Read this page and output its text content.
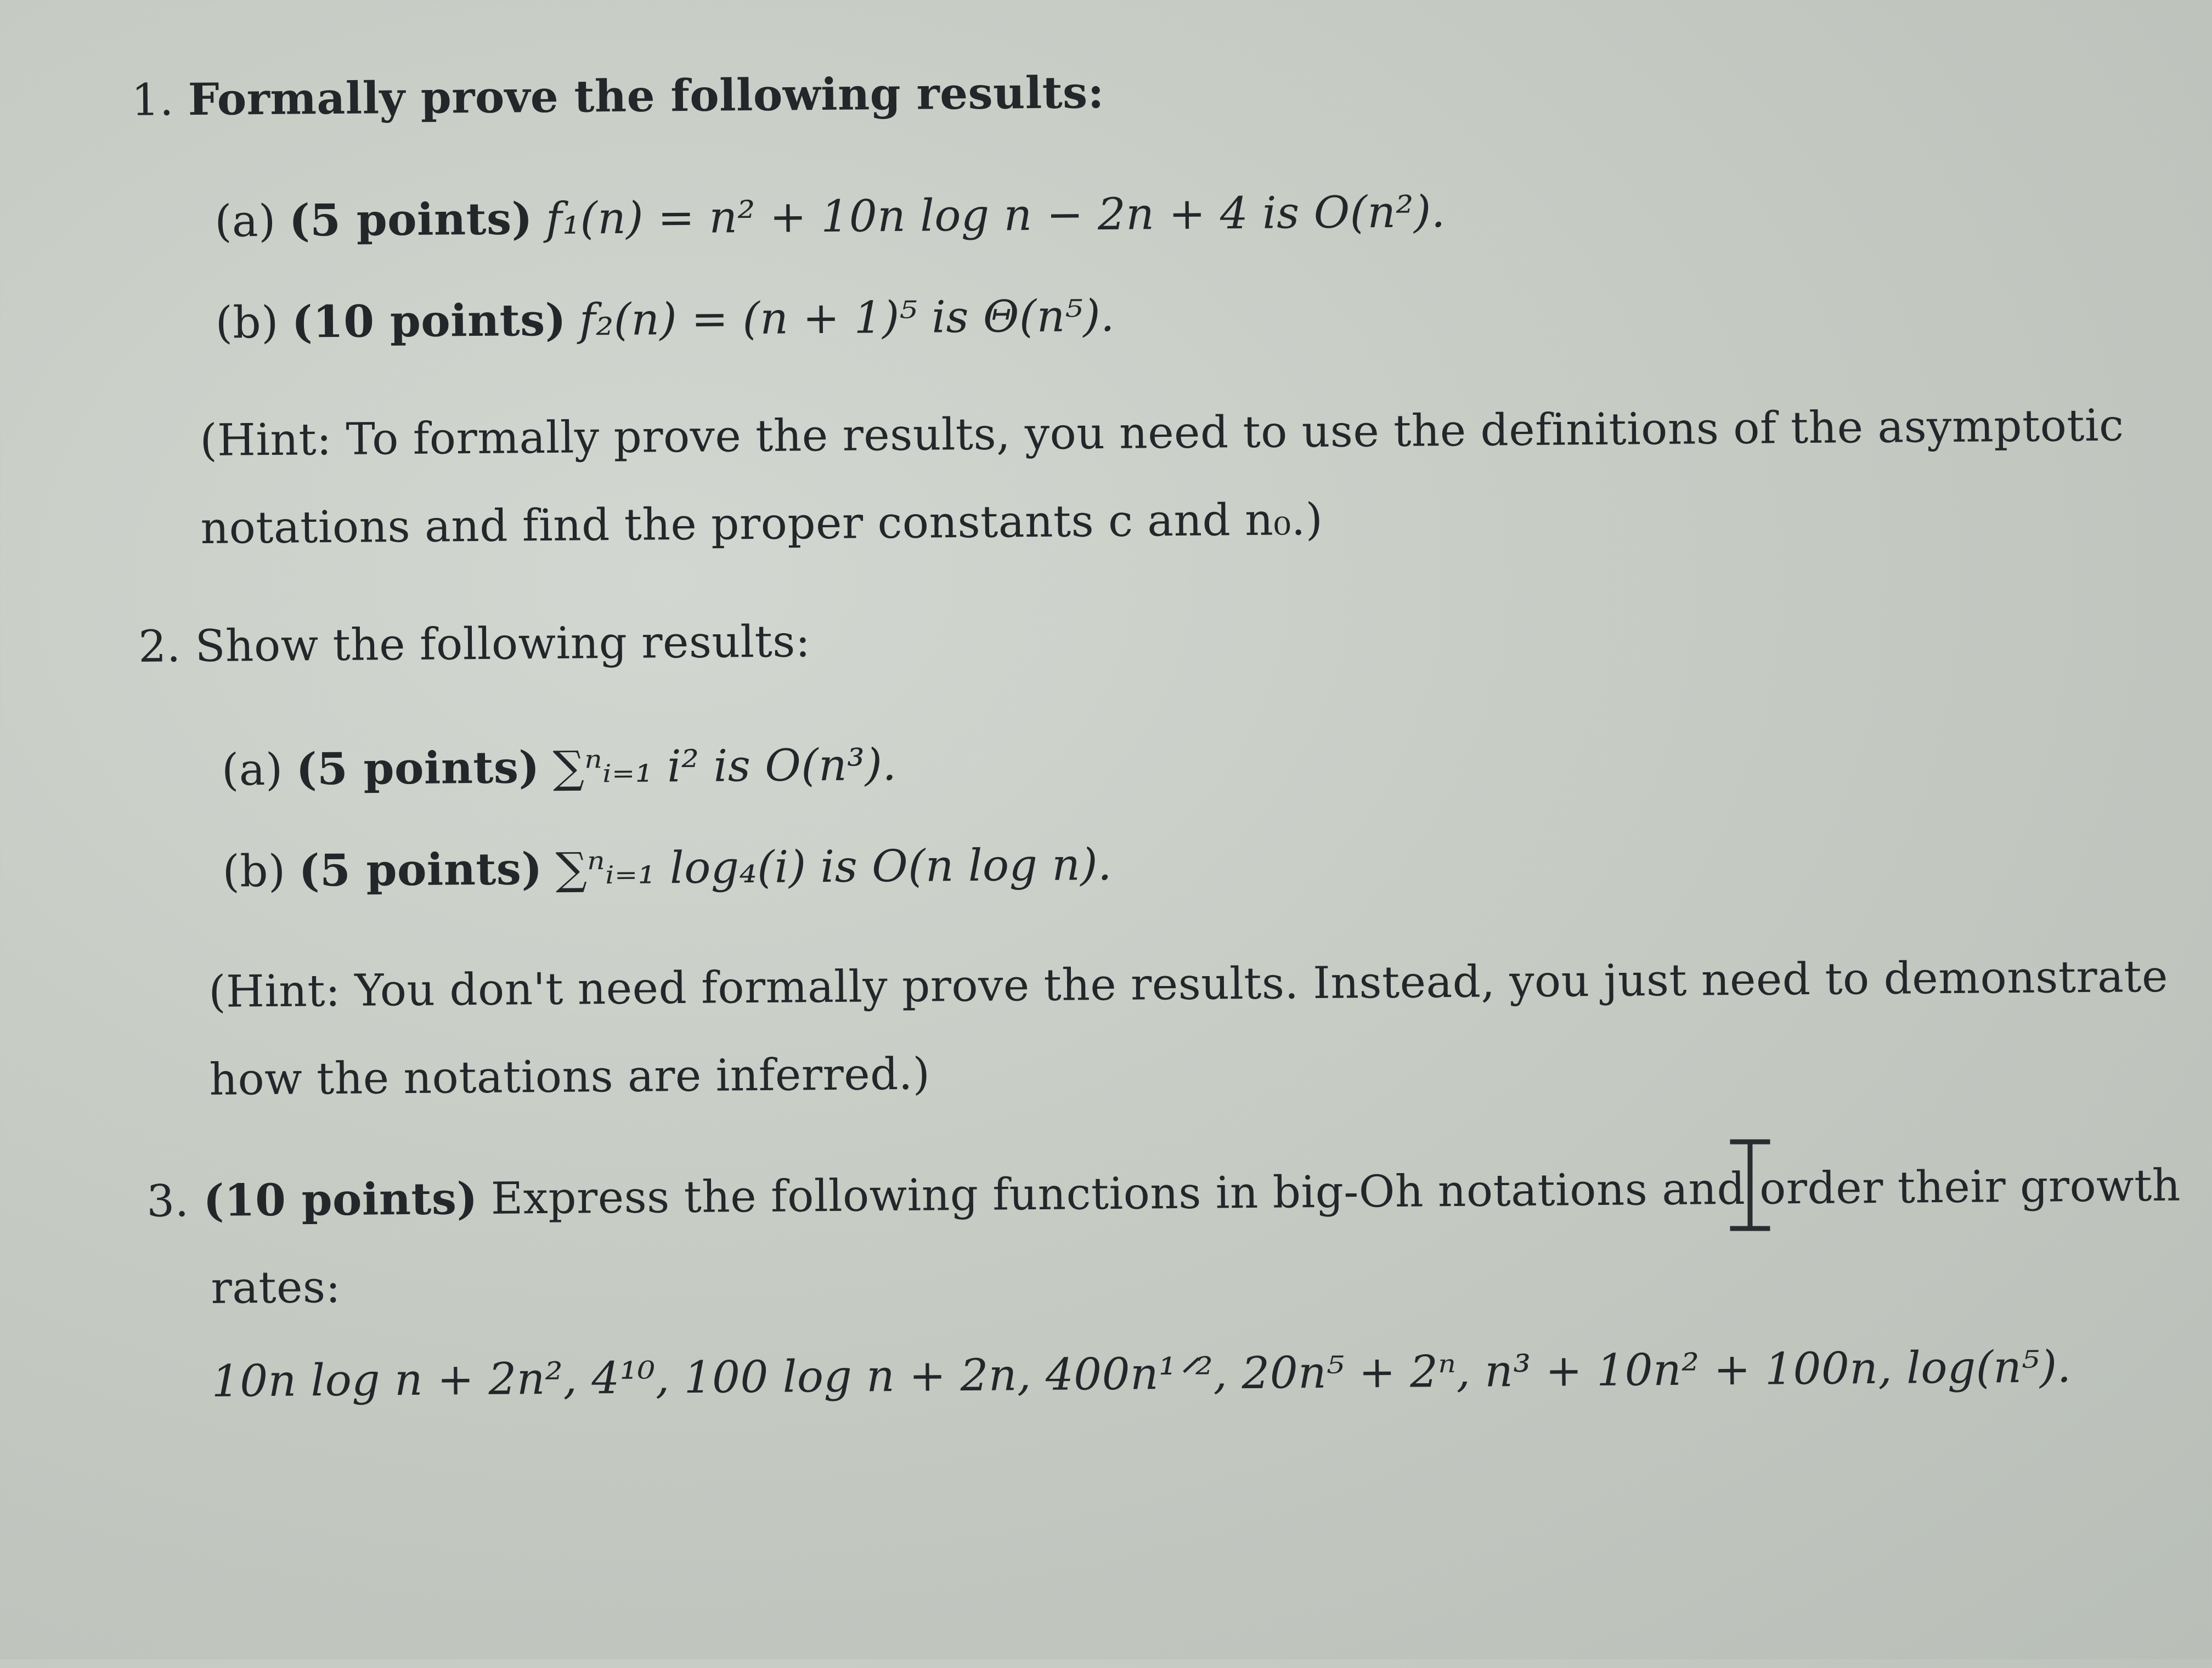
1. Formally prove the following results:
(a) (5 points) f₁(n) = n² + 10n log n − 2n + 4 is O(n²).
(b) (10 points) f₂(n) = (n + 1)⁵ is Θ(n⁵).
(Hint: To formally prove the results, you need to use the definitions of the asymptotic
notations and find the proper constants c and n₀.)
2. Show the following results:
(a) (5 points) ∑ⁿᵢ₌₁ i² is O(n³).
(b) (5 points) ∑ⁿᵢ₌₁ log₄(i) is O(n log n).
(Hint: You don't need formally prove the results. Instead, you just need to demonstrate
how the notations are inferred.)
3. (10 points) Express the following functions in big-Oh notations and order their growth
rates:
10n log n + 2n², 4¹⁰, 100 log n + 2n, 400n¹ᐟ², 20n⁵ + 2ⁿ, n³ + 10n² + 100n, log(n⁵).
